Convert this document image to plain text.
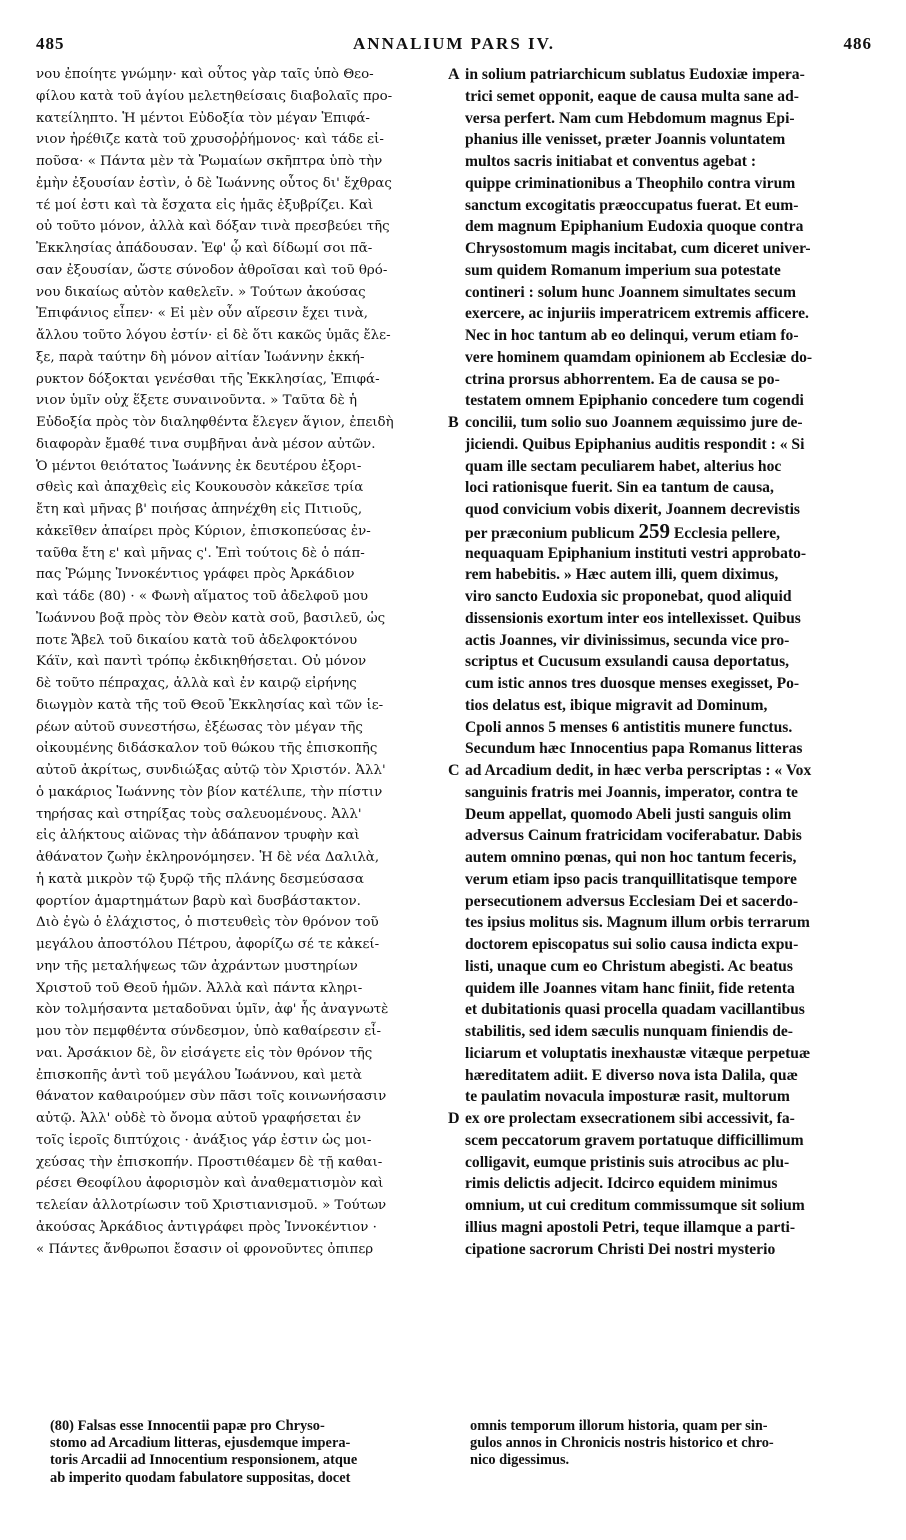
485	ANNALIUM PARS IV.	486
νου ἐποίητε γνώμην· καὶ οὗτος γὰρ ταῖς ὑπὸ Θεο-
φίλου κατὰ τοῦ ἁγίου μελετηθείσαις διαβολαῖς προ-
κατείληπτο. Ἡ μέντοι Εὐδοξία τὸν μέγαν Ἐπιφά-
νιον ἠρέθιζε κατὰ τοῦ χρυσοῤῥήμονος· καὶ τάδε εἰ-
ποῦσα· « Πάντα μὲν τὰ Ῥωμαίων σκῆπτρα ὑπὸ τὴν
ἐμὴν ἐξουσίαν ἐστὶν, ὁ δὲ Ἰωάννης οὗτος δι' ἔχθρας
τέ μοί ἐστι καὶ τὰ ἔσχατα εἰς ἡμᾶς ἐξυβρίζει. Καὶ
οὐ τοῦτο μόνον, ἀλλὰ καὶ δόξαν τινὰ πρεσβεύει τῆς
Ἐκκλησίας ἀπάδουσαν. Ἐφ' ᾧ καὶ δίδωμί σοι πᾶ-
σαν ἐξουσίαν, ὥστε σύνοδον ἀθροῖσαι καὶ τοῦ θρό-
νου δικαίως αὐτὸν καθελεῖν. » Τούτων ἀκούσας
Ἐπιφάνιος εἶπεν· « Εἰ μὲν οὖν αἵρεσιν ἔχει τινὰ,
ἄλλου τοῦτο λόγου ἐστίν· εἰ δὲ ὅτι κακῶς ὑμᾶς ἔλε-
ξε, παρὰ ταύτην δὴ μόνον αἰτίαν Ἰωάννην ἐκκή-
ρυκτον δόξοκται γενέσθαι τῆς Ἐκκλησίας, Ἐπιφά-
νιον ὑμῖν οὐχ ἕξετε συναινοῦντα. » Ταῦτα δὲ ἡ
Εὐδοξία πρὸς τὸν διαληφθέντα ἔλεγεν ἅγιον, ἐπειδὴ
διαφορὰν ἔμαθέ τινα συμβῆναι ἀνὰ μέσον αὐτῶν.
Ὁ μέντοι θειότατος Ἰωάννης ἐκ δευτέρου ἐξορι-
σθεὶς καὶ ἀπαχθεὶς εἰς Κουκουσὸν κἀκεῖσε τρία
ἔτη καὶ μῆνας β' ποιήσας ἀπηνέχθη εἰς Πιτιοῦς,
κἀκεῖθεν ἀπαίρει πρὸς Κύριον, ἐπισκοπεύσας ἐν-
ταῦθα ἔτη ε' καὶ μῆνας ς'. Ἐπὶ τούτοις δὲ ὁ πάπ-
πας Ῥώμης Ἰννοκέντιος γράφει πρὸς Ἀρκάδιον
καὶ τάδε (80) · « Φωνὴ αἵματος τοῦ ἀδελφοῦ μου
Ἰωάννου βοᾷ πρὸς τὸν Θεὸν κατὰ σοῦ, βασιλεῦ, ὡς
ποτε Ἄβελ τοῦ δικαίου κατὰ τοῦ ἀδελφοκτόνου
Κάϊν, καὶ παντὶ τρόπῳ ἐκδικηθήσεται. Οὐ μόνον
δὲ τοῦτο πέπραχας, ἀλλὰ καὶ ἐν καιρῷ εἰρήνης
διωγμὸν κατὰ τῆς τοῦ Θεοῦ Ἐκκλησίας καὶ τῶν ἱε-
ρέων αὐτοῦ συνεστήσω, ἐξέωσας τὸν μέγαν τῆς
οἰκουμένης διδάσκαλον τοῦ θώκου τῆς ἐπισκοπῆς
αὐτοῦ ἀκρίτως, συνδιώξας αὐτῷ τὸν Χριστόν. Ἀλλ'
ὁ μακάριος Ἰωάννης τὸν βίον κατέλιπε, τὴν πίστιν
τηρήσας καὶ στηρίξας τοὺς σαλευομένους. Ἀλλ'
εἰς ἀλήκτους αἰῶνας τὴν ἀδάπανον τρυφὴν καὶ
ἀθάνατον ζωὴν ἐκληρονόμησεν. Ἡ δὲ νέα Δαλιλὰ,
ἡ κατὰ μικρὸν τῷ ξυρῷ τῆς πλάνης δεσμεύσασα
φορτίον ἁμαρτημάτων βαρὺ καὶ δυσβάστακτον.
Διὸ ἐγὼ ὁ ἐλάχιστος, ὁ πιστευθεὶς τὸν θρόνον τοῦ
μεγάλου ἀποστόλου Πέτρου, ἀφορίζω σέ τε κἀκεί-
νην τῆς μεταλήψεως τῶν ἀχράντων μυστηρίων
Χριστοῦ τοῦ Θεοῦ ἡμῶν. Ἀλλὰ καὶ πάντα κληρι-
κὸν τολμήσαντα μεταδοῦναι ὑμῖν, ἀφ' ἧς ἀναγνωτὲ
μου τὸν πεμφθέντα σύνδεσμον, ὑπὸ καθαίρεσιν εἶ-
ναι. Ἀρσάκιον δὲ, ὃν εἰσάγετε εἰς τὸν θρόνον τῆς
ἐπισκοπῆς ἀντὶ τοῦ μεγάλου Ἰωάννου, καὶ μετὰ
θάνατον καθαιρούμεν σὺν πᾶσι τοῖς κοινωνήσασιν
αὐτῷ. Ἀλλ' οὐδὲ τὸ ὄνομα αὐτοῦ γραφήσεται ἐν
τοῖς ἱεροῖς διπτύχοις · ἀνάξιος γάρ ἐστιν ὡς μοι-
χεύσας τὴν ἐπισκοπήν. Προστιθέαμεν δὲ τῇ καθαι-
ρέσει Θεοφίλου ἀφορισμὸν καὶ ἀναθεματισμὸν καὶ
τελείαν ἀλλοτρίωσιν τοῦ Χριστιανισμοῦ. » Τούτων
ἀκούσας Ἀρκάδιος ἀντιγράφει πρὸς Ἰννοκέντιον ·
« Πάντες ἄνθρωποι ἔσασιν οἱ φρονοῦντες ὀπιπερ
in solium patriarchicum sublatus Eudoxiæ impera-
trici semet opponit, eaque de causa multa sane ad-
versa perfert. Nam cum Hebdomum magnus Epi-
phanius ille venisset, præter Joannis voluntatem
multos sacris initiabat et conventus agebat :
quippe criminationibus a Theophilo contra virum
sanctum excogitatis præoccupatus fuerat. Et eum-
dem magnum Epiphanium Eudoxia quoque contra
Chrysostomum magis incitabat, cum diceret univer-
sum quidem Romanum imperium sua potestate
contineri : solum hunc Joannem simultates secum
exercere, ac injuriis imperatricem extremis afficere.
Nec in hoc tantum ab eo delinqui, verum etiam fo-
vere hominem quamdam opinionem ab Ecclesiæ do-
ctrina prorsus abhorrentem. Ea de causa se po-
testatem omnem Epiphanio concedere tum cogendi
concilii, tum solio suo Joannem æquissimo jure de-
jiciendi. Quibus Epiphanius auditis respondit : « Si
quam ille sectam peculiarem habet, alterius hoc
loci rationisque fuerit. Sin ea tantum de causa,
quod convicium vobis dixerit, Joannem decrevistis
per præconium publicum 259 Ecclesia pellere,
nequaquam Epiphanium instituti vestri approbato-
rem habebitis. » Hæc autem illi, quem diximus,
viro sancto Eudoxia sic proponebat, quod aliquid
dissensionis exortum inter eos intellexisset. Quibus
actis Joannes, vir divinissimus, secunda vice pro-
scriptus et Cucusum exsulandi causa deportatus,
cum istic annos tres duosque menses exegisset, Po-
tios delatus est, ibique migravit ad Dominum,
Cpoli annos 5 menses 6 antistitis munere functus.
Secundum hæc Innocentius papa Romanus litteras
ad Arcadium dedit, in hæc verba perscriptas : « Vox
sanguinis fratris mei Joannis, imperator, contra te
Deum appellat, quomodo Abeli justi sanguis olim
adversus Cainum fratricidam vociferabatur. Dabis
autem omnino pœnas, qui non hoc tantum feceris,
verum etiam ipso pacis tranquillitatisque tempore
persecutionem adversus Ecclesiam Dei et sacerdo-
tes ipsius molitus sis. Magnum illum orbis terrarum
doctorem episcopatus sui solio causa indicta expu-
listi, unaque cum eo Christum abegisti. Ac beatus
quidem ille Joannes vitam hanc finiit, fide retenta
et dubitationis quasi procella quadam vacillantibus
stabilitis, sed idem sæculis nunquam finiendis de-
liciarum et voluptatis inexhaustæ vitæque perpetuæ
hæreditatem adiit. E diverso nova ista Dalila, quæ
te paulatim novacula imposturæ rasit, multorum
ex ore prolectam exsecrationem sibi accessivit, fa-
scem peccatorum gravem portatuque difficillimum
colligavit, eumque pristinis suis atrocibus ac plu-
rimis delictis adjecit. Idcirco equidem minimus
omnium, ut cui creditum commissumque sit solium
illius magni apostoli Petri, teque illamque a parti-
cipatione sacrorum Christi Dei nostri mysterio
A
B
C
D
(80) Falsas esse Innocentii papæ pro Chryso-
stomo ad Arcadium litteras, ejusdemque impera-
toris Arcadii ad Innocentium responsionem, atque
ab imperito quodam fabulatore suppositas, docet
omnis temporum illorum historia, quam per sin-
gulos annos in Chronicis nostris historico et chro-
nico digessimus.
